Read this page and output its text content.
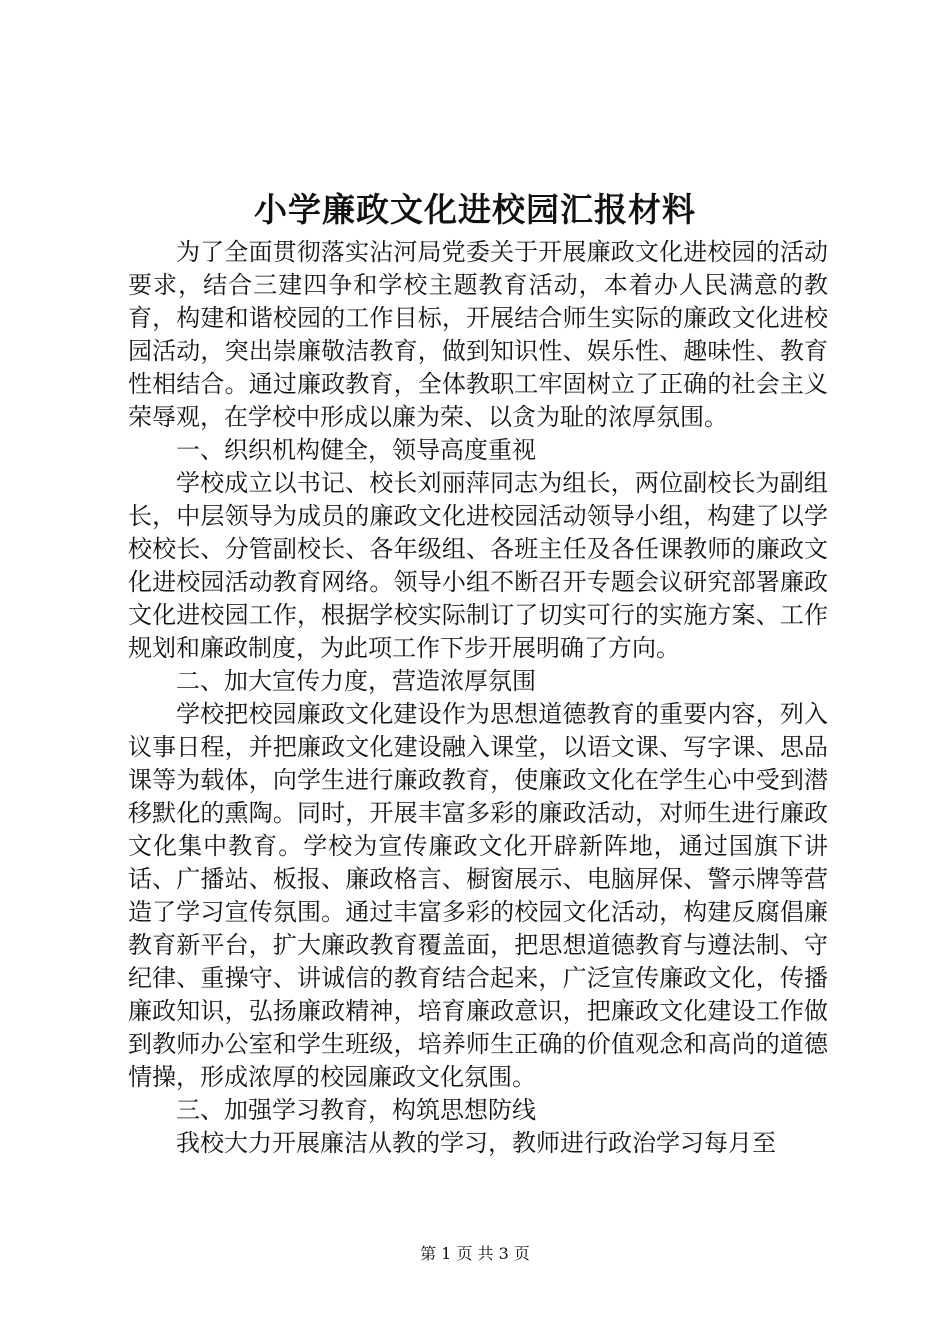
小学廉政文化进校园汇报材料

为了全面贯彻落实沾河局党委关于开展廉政文化进校园的活动要求，结合三建四争和学校主题教育活动，本着办人民满意的教育，构建和谐校园的工作目标，开展结合师生实际的廉政文化进校园活动，突出崇廉敬洁教育，做到知识性、娱乐性、趣味性、教育性相结合。通过廉政教育，全体教职工牢固树立了正确的社会主义荣辱观，在学校中形成以廉为荣、以贪为耻的浓厚氛围。

一、织织机构健全，领导高度重视

学校成立以书记、校长刘丽萍同志为组长，两位副校长为副组长，中层领导为成员的廉政文化进校园活动领导小组，构建了以学校校长、分管副校长、各年级组、各班主任及各任课教师的廉政文化进校园活动教育网络。领导小组不断召开专题会议研究部署廉政文化进校园工作，根据学校实际制订了切实可行的实施方案、工作规划和廉政制度，为此项工作下步开展明确了方向。

二、加大宣传力度，营造浓厚氛围

学校把校园廉政文化建设作为思想道德教育的重要内容，列入议事日程，并把廉政文化建设融入课堂，以语文课、写字课、思品课等为载体，向学生进行廉政教育，使廉政文化在学生心中受到潜移默化的熏陶。同时，开展丰富多彩的廉政活动，对师生进行廉政文化集中教育。学校为宣传廉政文化开辟新阵地，通过国旗下讲话、广播站、板报、廉政格言、橱窗展示、电脑屏保、警示牌等营造了学习宣传氛围。通过丰富多彩的校园文化活动，构建反腐倡廉教育新平台，扩大廉政教育覆盖面，把思想道德教育与遵法制、守纪律、重操守、讲诚信的教育结合起来，广泛宣传廉政文化，传播廉政知识，弘扬廉政精神，培育廉政意识，把廉政文化建设工作做到教师办公室和学生班级，培养师生正确的价值观念和高尚的道德情操，形成浓厚的校园廉政文化氛围。

三、加强学习教育，构筑思想防线

我校大力开展廉洁从教的学习，教师进行政治学习每月至

第 1 页 共 3 页
